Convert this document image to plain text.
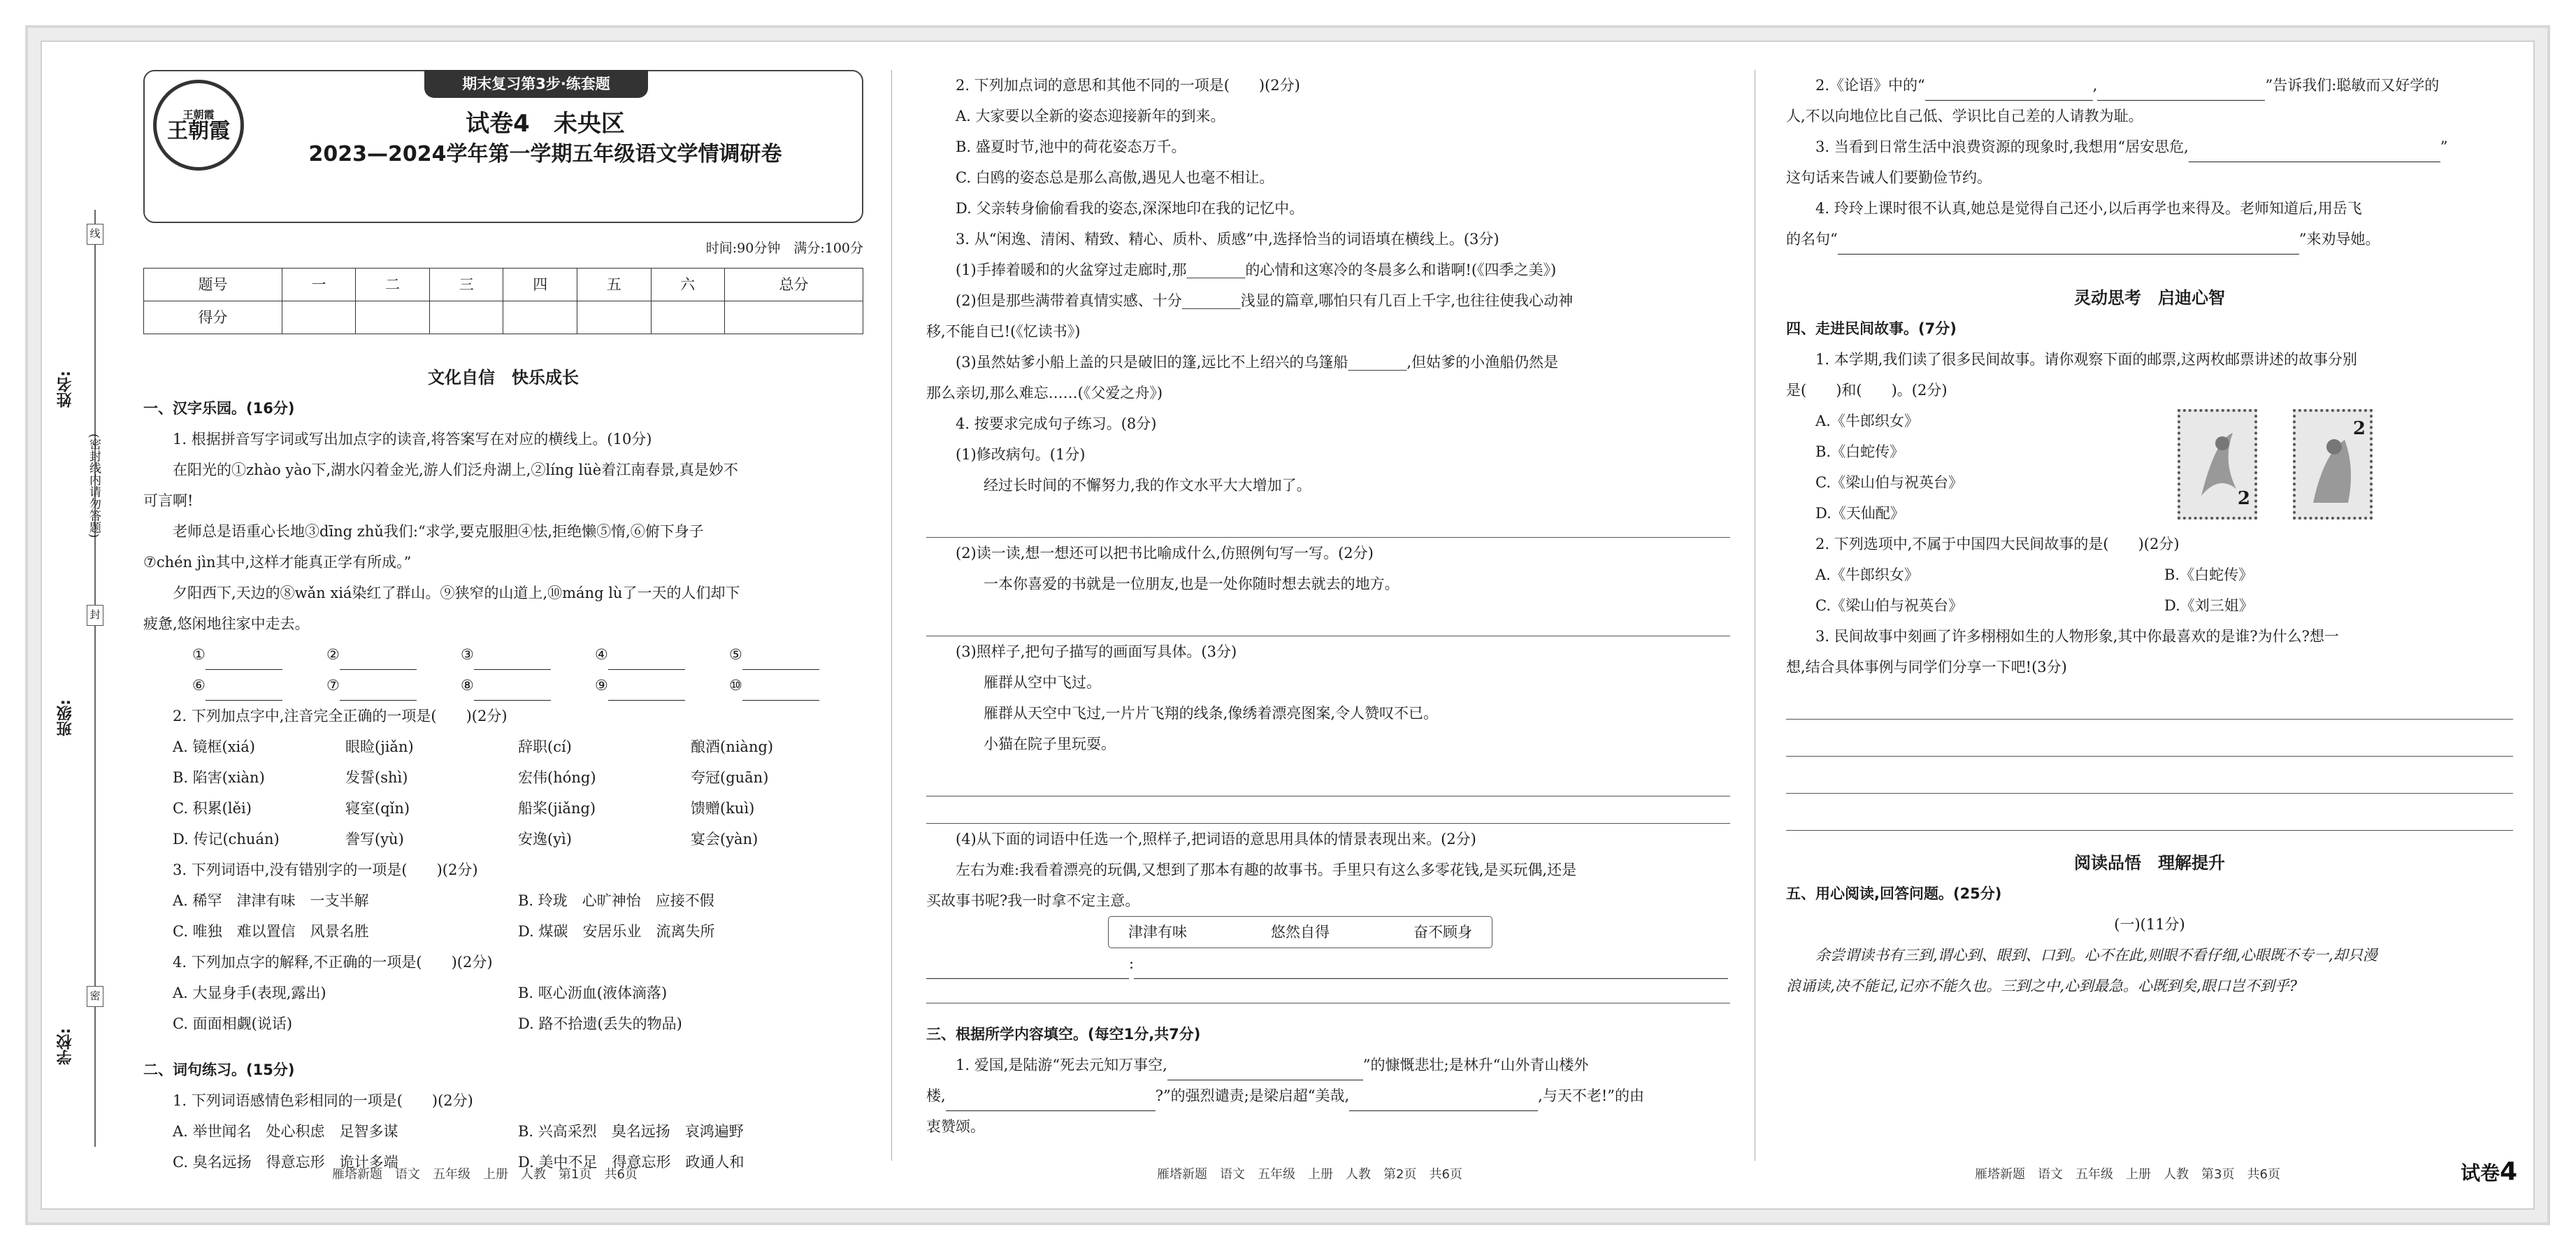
线
封
密
姓名:
班级:
学校:
(密封线内请勿答题)
期末复习第3步·练套题
王朝霞
王朝霞	试卷4　未央区
2023—2024学年第一学期五年级语文学情调研卷
时间:90分钟　满分:100分
题号	一	二	三	四	五	六	总分
得分							
文化自信　快乐成长
一、汉字乐园。(16分)
1. 根据拼音写字词或写出加点字的读音,将答案写在对应的横线上。(10分)
在阳光的①zhào yào下,湖水闪着金光,游人们泛舟湖上,②líng lüè着江南春景,真是妙不
可言啊!
老师总是语重心长地③dīng zhǔ我们:“求学,要克服胆④怯,拒绝懒⑤惰,⑥俯下身子
⑦chén jìn其中,这样才能真正学有所成。”
夕阳西下,天边的⑧wǎn xiá染红了群山。⑨狭窄的山道上,⑩máng lù了一天的人们却下
疲惫,悠闲地往家中走去。
①	②	③	④	⑤
⑥	⑦	⑧	⑨	⑩
2. 下列加点字中,注音完全正确的一项是(　　)(2分)
A. 镜框(xiá)	眼睑(jiǎn)	辞职(cí)	酿酒(niàng)
B. 陷害(xiàn)	发誓(shì)	宏伟(hóng)	夸冠(guān)
C. 积累(lěi)	寝室(qǐn)	船桨(jiǎng)	馈赠(kuì)
D. 传记(chuán)	誊写(yù)	安逸(yì)	宴会(yàn)
3. 下列词语中,没有错别字的一项是(　　)(2分)
A. 稀罕　津津有味　一支半解	B. 玲珑　心旷神怡　应接不假
C. 唯独　难以置信　风景名胜	D. 煤碳　安居乐业　流离失所
4. 下列加点字的解释,不正确的一项是(　　)(2分)
A. 大显身手(表现,露出)	B. 呕心沥血(液体滴落)
C. 面面相觑(说话)	D. 路不拾遗(丢失的物品)
二、词句练习。(15分)
1. 下列词语感情色彩相同的一项是(　　)(2分)
A. 举世闻名　处心积虑　足智多谋	B. 兴高采烈　臭名远扬　哀鸿遍野
C. 臭名远扬　得意忘形　诡计多端	D. 美中不足　得意忘形　政通人和
雁塔新题　语文　五年级　上册　人教　第1页　共6页
2. 下列加点词的意思和其他不同的一项是(　　)(2分)
A. 大家要以全新的姿态迎接新年的到来。
B. 盛夏时节,池中的荷花姿态万千。
C. 白鸥的姿态总是那么高傲,遇见人也毫不相让。
D. 父亲转身偷偷看我的姿态,深深地印在我的记忆中。
3. 从“闲逸、清闲、精致、精心、质朴、质感”中,选择恰当的词语填在横线上。(3分)
(1)手捧着暖和的火盆穿过走廊时,那________的心情和这寒冷的冬晨多么和谐啊!(《四季之美》)
(2)但是那些满带着真情实感、十分________浅显的篇章,哪怕只有几百上千字,也往往使我心动神
移,不能自已!(《忆读书》)
(3)虽然姑爹小船上盖的只是破旧的篷,远比不上绍兴的乌篷船________,但姑爹的小渔船仍然是
那么亲切,那么难忘……(《父爱之舟》)
4. 按要求完成句子练习。(8分)
(1)修改病句。(1分)
经过长时间的不懈努力,我的作文水平大大增加了。
(2)读一读,想一想还可以把书比喻成什么,仿照例句写一写。(2分)
一本你喜爱的书就是一位朋友,也是一处你随时想去就去的地方。
(3)照样子,把句子描写的画面写具体。(3分)
雁群从空中飞过。
雁群从天空中飞过,一片片飞翔的线条,像绣着漂亮图案,令人赞叹不已。
小猫在院子里玩耍。
(4)从下面的词语中任选一个,照样子,把词语的意思用具体的情景表现出来。(2分)
左右为难:我看着漂亮的玩偶,又想到了那本有趣的故事书。手里只有这么多零花钱,是买玩偶,还是
买故事书呢?我一时拿不定主意。
津津有味	悠然自得	奋不顾身
:
三、根据所学内容填空。(每空1分,共7分)
1. 爱国,是陆游“死去元知万事空,	”的慷慨悲壮;是林升“山外青山楼外
楼,	?”的强烈谴责;是梁启超“美哉,	,与天不老!”的由
衷赞颂。
雁塔新题　语文　五年级　上册　人教　第2页　共6页
2.《论语》中的“	,	”告诉我们:聪敏而又好学的
人,不以向地位比自己低、学识比自己差的人请教为耻。
3. 当看到日常生活中浪费资源的现象时,我想用“居安思危,	”
这句话来告诫人们要勤俭节约。
4. 玲玲上课时很不认真,她总是觉得自己还小,以后再学也来得及。老师知道后,用岳飞
的名句“	”来劝导她。
灵动思考　启迪心智
四、走进民间故事。(7分)
1. 本学期,我们读了很多民间故事。请你观察下面的邮票,这两枚邮票讲述的故事分别
是(　　)和(　　)。(2分)
A.《牛郎织女》
B.《白蛇传》
C.《梁山伯与祝英台》
D.《天仙配》
2
2
2. 下列选项中,不属于中国四大民间故事的是(　　)(2分)
A.《牛郎织女》	B.《白蛇传》
C.《梁山伯与祝英台》	D.《刘三姐》
3. 民间故事中刻画了许多栩栩如生的人物形象,其中你最喜欢的是谁?为什么?想一
想,结合具体事例与同学们分享一下吧!(3分)
阅读品悟　理解提升
五、用心阅读,回答问题。(25分)
(一)(11分)
余尝谓读书有三到,谓心到、眼到、口到。心不在此,则眼不看仔细,心眼既不专一,却只漫
浪诵读,决不能记,记亦不能久也。三到之中,心到最急。心既到矣,眼口岂不到乎?
雁塔新题　语文　五年级　上册　人教　第3页　共6页	试卷4
